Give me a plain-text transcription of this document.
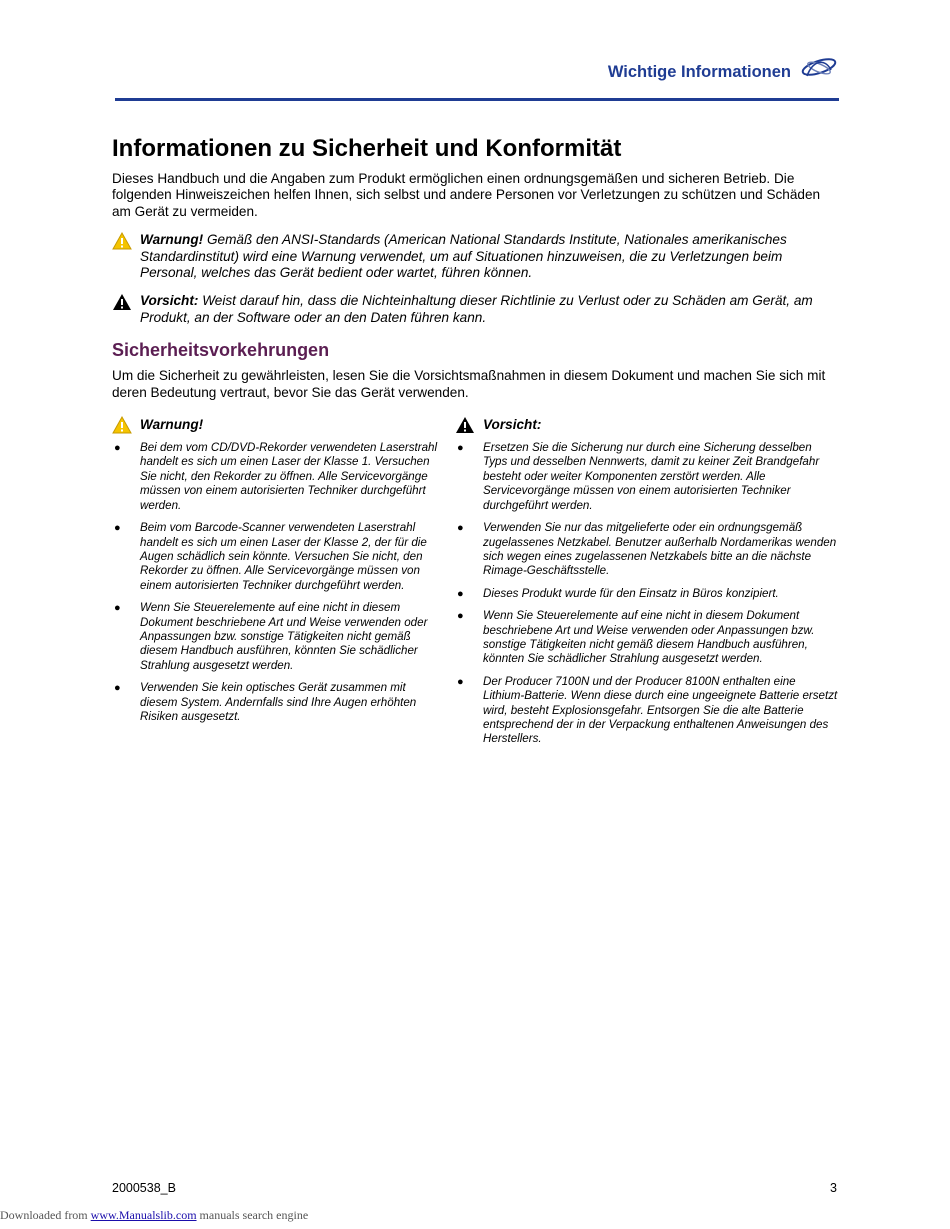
Wichtige Informationen
Informationen zu Sicherheit und Konformität

Dieses Handbuch und die Angaben zum Produkt ermöglichen einen ordnungsgemäßen und sicheren Betrieb. Die folgenden Hinweiszeichen helfen Ihnen, sich selbst und andere Personen vor Verletzungen zu schützen und Schäden am Gerät zu vermeiden.

Warnung! Gemäß den ANSI-Standards (American National Standards Institute, Nationales amerikanisches Standardinstitut) wird eine Warnung verwendet, um auf Situationen hinzuweisen, die zu Verletzungen beim Personal, welches das Gerät bedient oder wartet, führen können.
Vorsicht: Weist darauf hin, dass die Nichteinhaltung dieser Richtlinie zu Verlust oder zu Schäden am Gerät, am Produkt, an der Software oder an den Daten führen kann.
Sicherheitsvorkehrungen

Um die Sicherheit zu gewährleisten, lesen Sie die Vorsichtsmaßnahmen in diesem Dokument und machen Sie sich mit deren Bedeutung vertraut, bevor Sie das Gerät verwenden.

Warnung!
● Bei dem vom CD/DVD-Rekorder verwendeten Laserstrahl handelt es sich um einen Laser der Klasse 1. Versuchen Sie nicht, den Rekorder zu öffnen. Alle Servicevorgänge müssen von einem autorisierten Techniker durchgeführt werden.
● Beim vom Barcode-Scanner verwendeten Laserstrahl handelt es sich um einen Laser der Klasse 2, der für die Augen schädlich sein könnte. Versuchen Sie nicht, den Rekorder zu öffnen. Alle Servicevorgänge müssen von einem autorisierten Techniker durchgeführt werden.
● Wenn Sie Steuerelemente auf eine nicht in diesem Dokument beschriebene Art und Weise verwenden oder Anpassungen bzw. sonstige Tätigkeiten nicht gemäß diesem Handbuch ausführen, könnten Sie schädlicher Strahlung ausgesetzt werden.
● Verwenden Sie kein optisches Gerät zusammen mit diesem System. Andernfalls sind Ihre Augen erhöhten Risiken ausgesetzt.
Vorsicht:
● Ersetzen Sie die Sicherung nur durch eine Sicherung desselben Typs und desselben Nennwerts, damit zu keiner Zeit Brandgefahr besteht oder weiter Komponenten zerstört werden. Alle Servicevorgänge müssen von einem autorisierten Techniker durchgeführt werden.
● Verwenden Sie nur das mitgelieferte oder ein ordnungsgemäß zugelassenes Netzkabel. Benutzer außerhalb Nordamerikas wenden sich wegen eines zugelassenen Netzkabels bitte an die nächste Rimage-Geschäftsstelle.
● Dieses Produkt wurde für den Einsatz in Büros konzipiert.
● Wenn Sie Steuerelemente auf eine nicht in diesem Dokument beschriebene Art und Weise verwenden oder Anpassungen bzw. sonstige Tätigkeiten nicht gemäß diesem Handbuch ausführen, könnten Sie schädlicher Strahlung ausgesetzt werden.
● Der Producer 7100N und der Producer 8100N enthalten eine Lithium-Batterie. Wenn diese durch eine ungeeignete Batterie ersetzt wird, besteht Explosionsgefahr. Entsorgen Sie die alte Batterie entsprechend der in der Verpackung enthaltenen Anweisungen des Herstellers.
2000538_B	3
Downloaded from www.Manualslib.com manuals search engine
